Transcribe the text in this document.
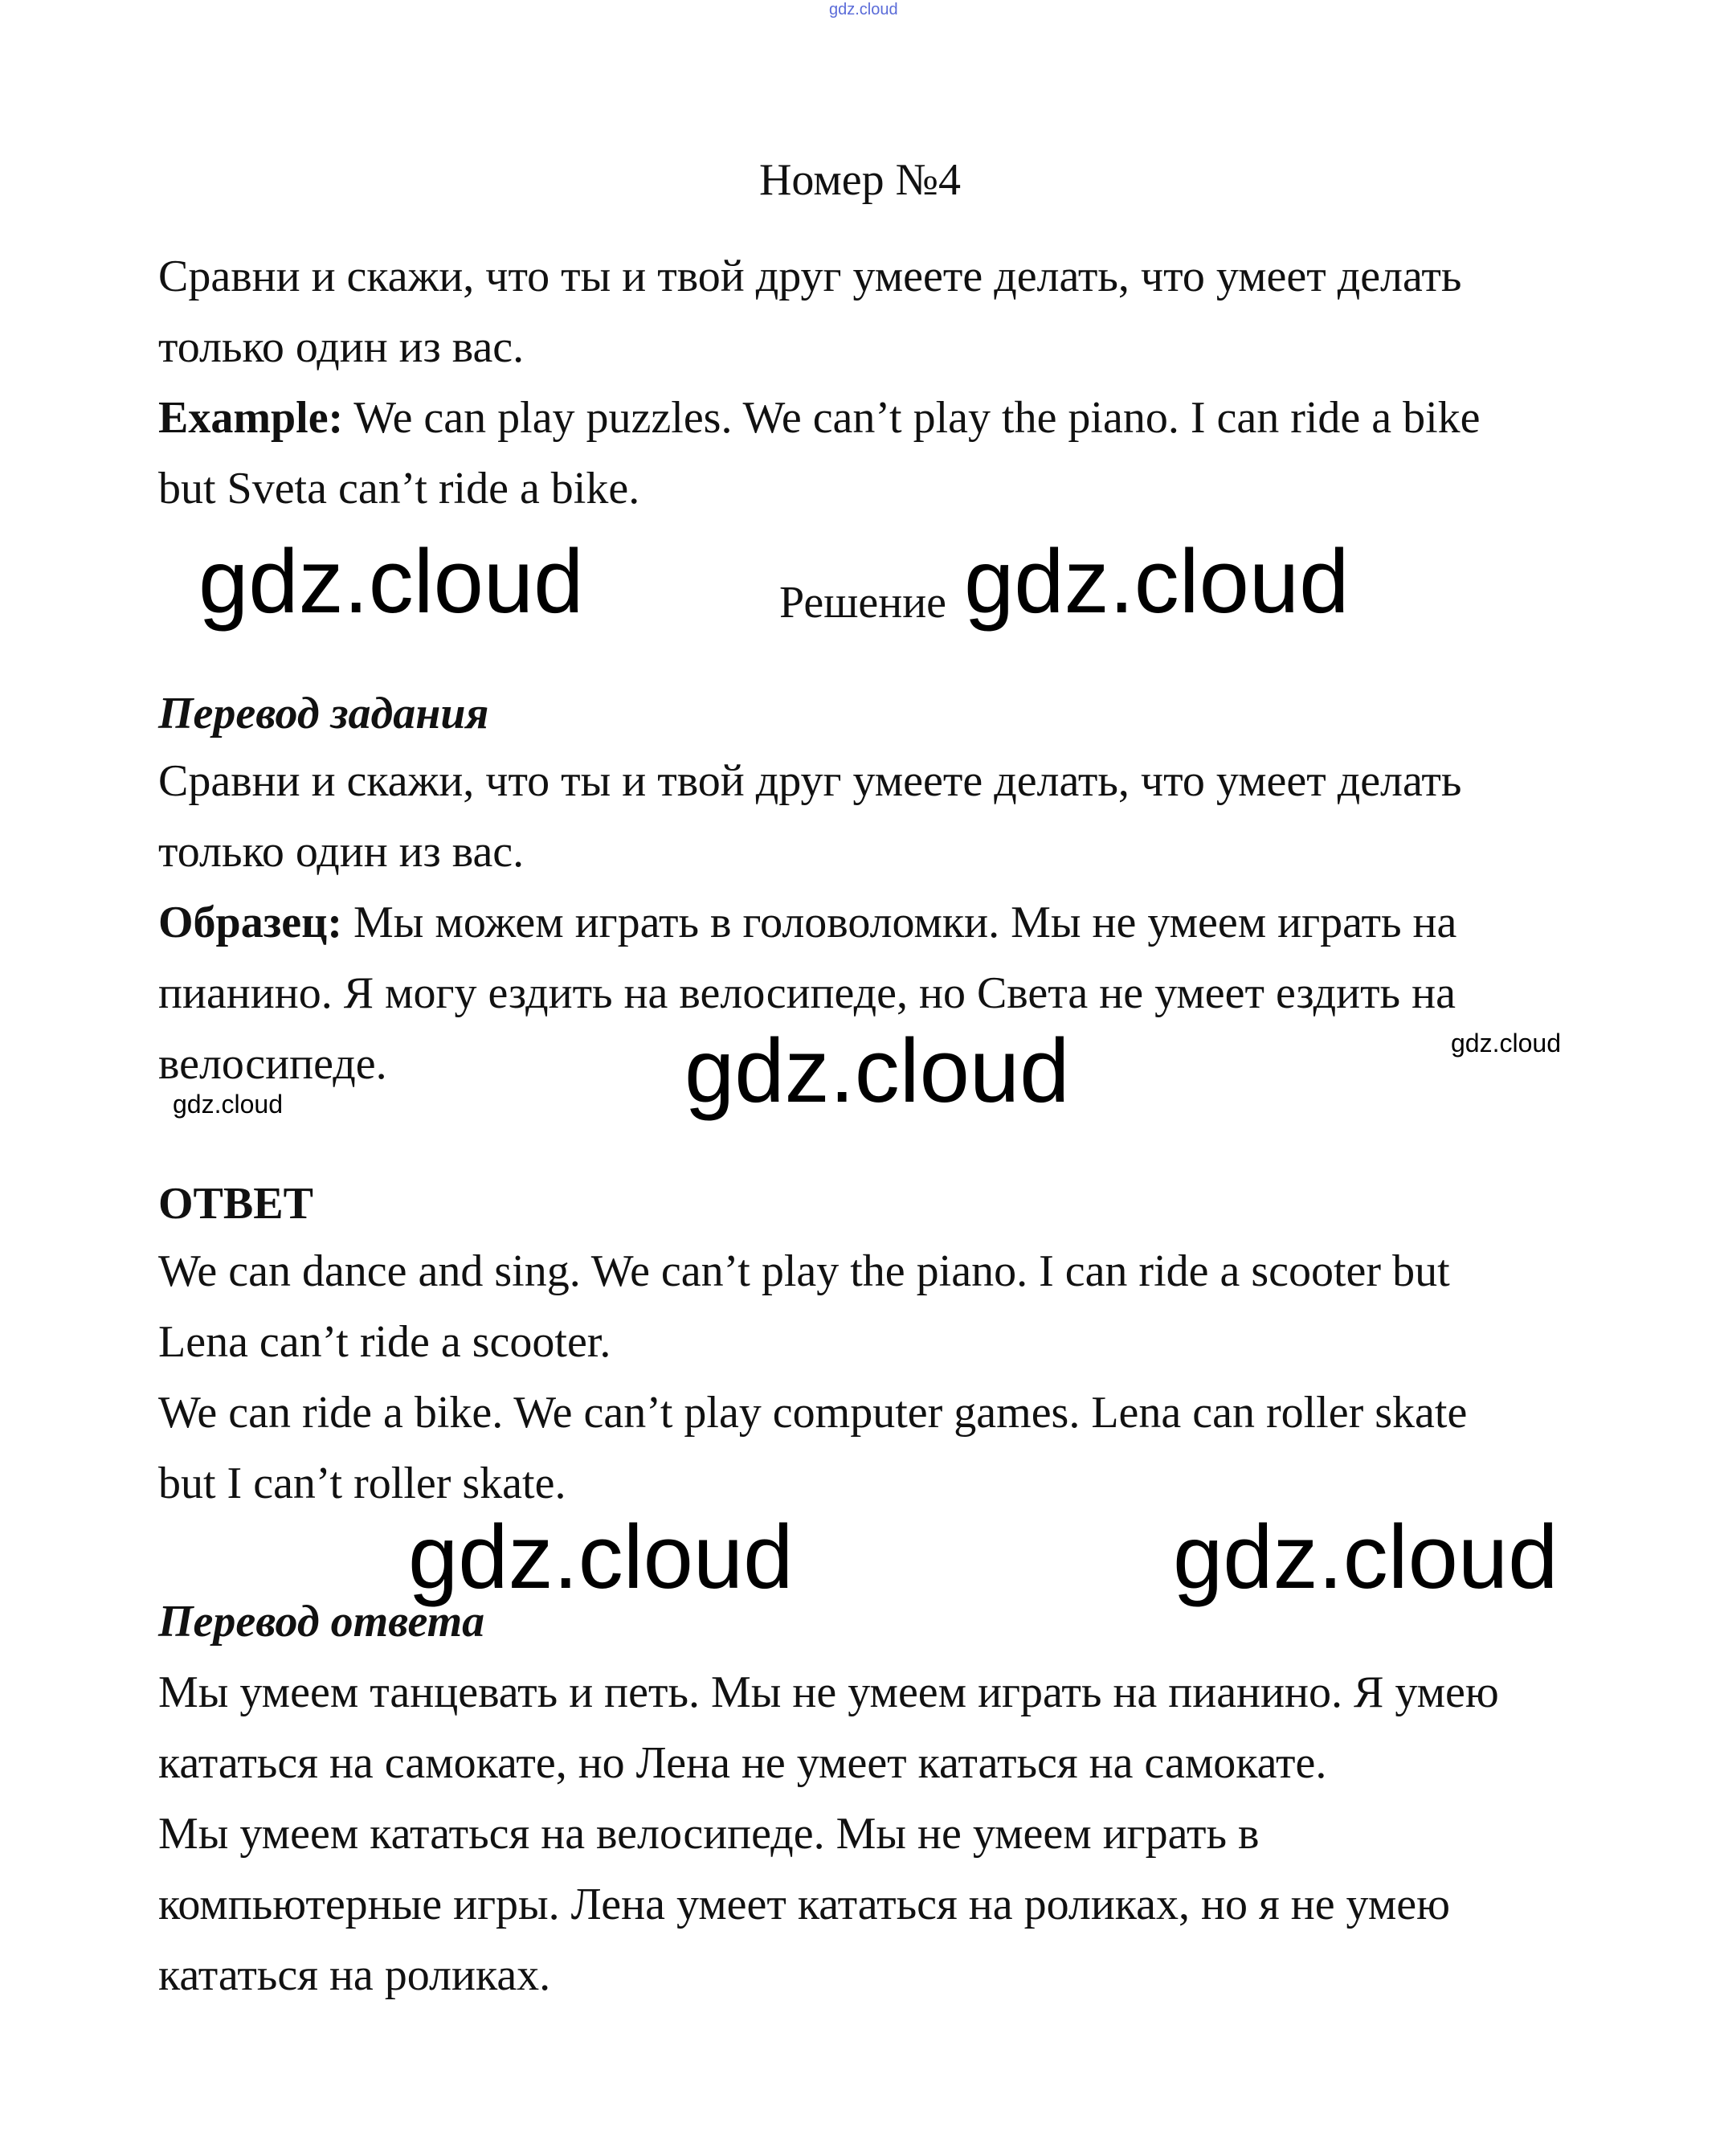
gdz.cloud
Номер №4
Сравни и скажи, что ты и твой друг умеете делать, что умеет делать
только один из вас.
Example: We can play puzzles. We can’t play the piano. I can ride a bike
but Sveta can’t ride a bike.
gdz.cloud	Решение gdz.cloud
Перевод задания
Сравни и скажи, что ты и твой друг умеете делать, что умеет делать
только один из вас.
Образец: Мы можем играть в головоломки. Мы не умеем играть на
пианино. Я могу ездить на велосипеде, но Света не умеет ездить на
велосипеде.	gdz.cloud	gdz.cloud
gdz.cloud
ОТВЕТ
We can dance and sing. We can’t play the piano. I can ride a scooter but
Lena can’t ride a scooter.
We can ride a bike. We can’t play computer games. Lena can roller skate
but I can’t roller skate.
gdz.cloud	gdz.cloud
Перевод ответа
Мы умеем танцевать и петь. Мы не умеем играть на пианино. Я умею
кататься на самокате, но Лена не умеет кататься на самокате.
Мы умеем кататься на велосипеде. Мы не умеем играть в
компьютерные игры. Лена умеет кататься на роликах, но я не умею
кататься на роликах.
